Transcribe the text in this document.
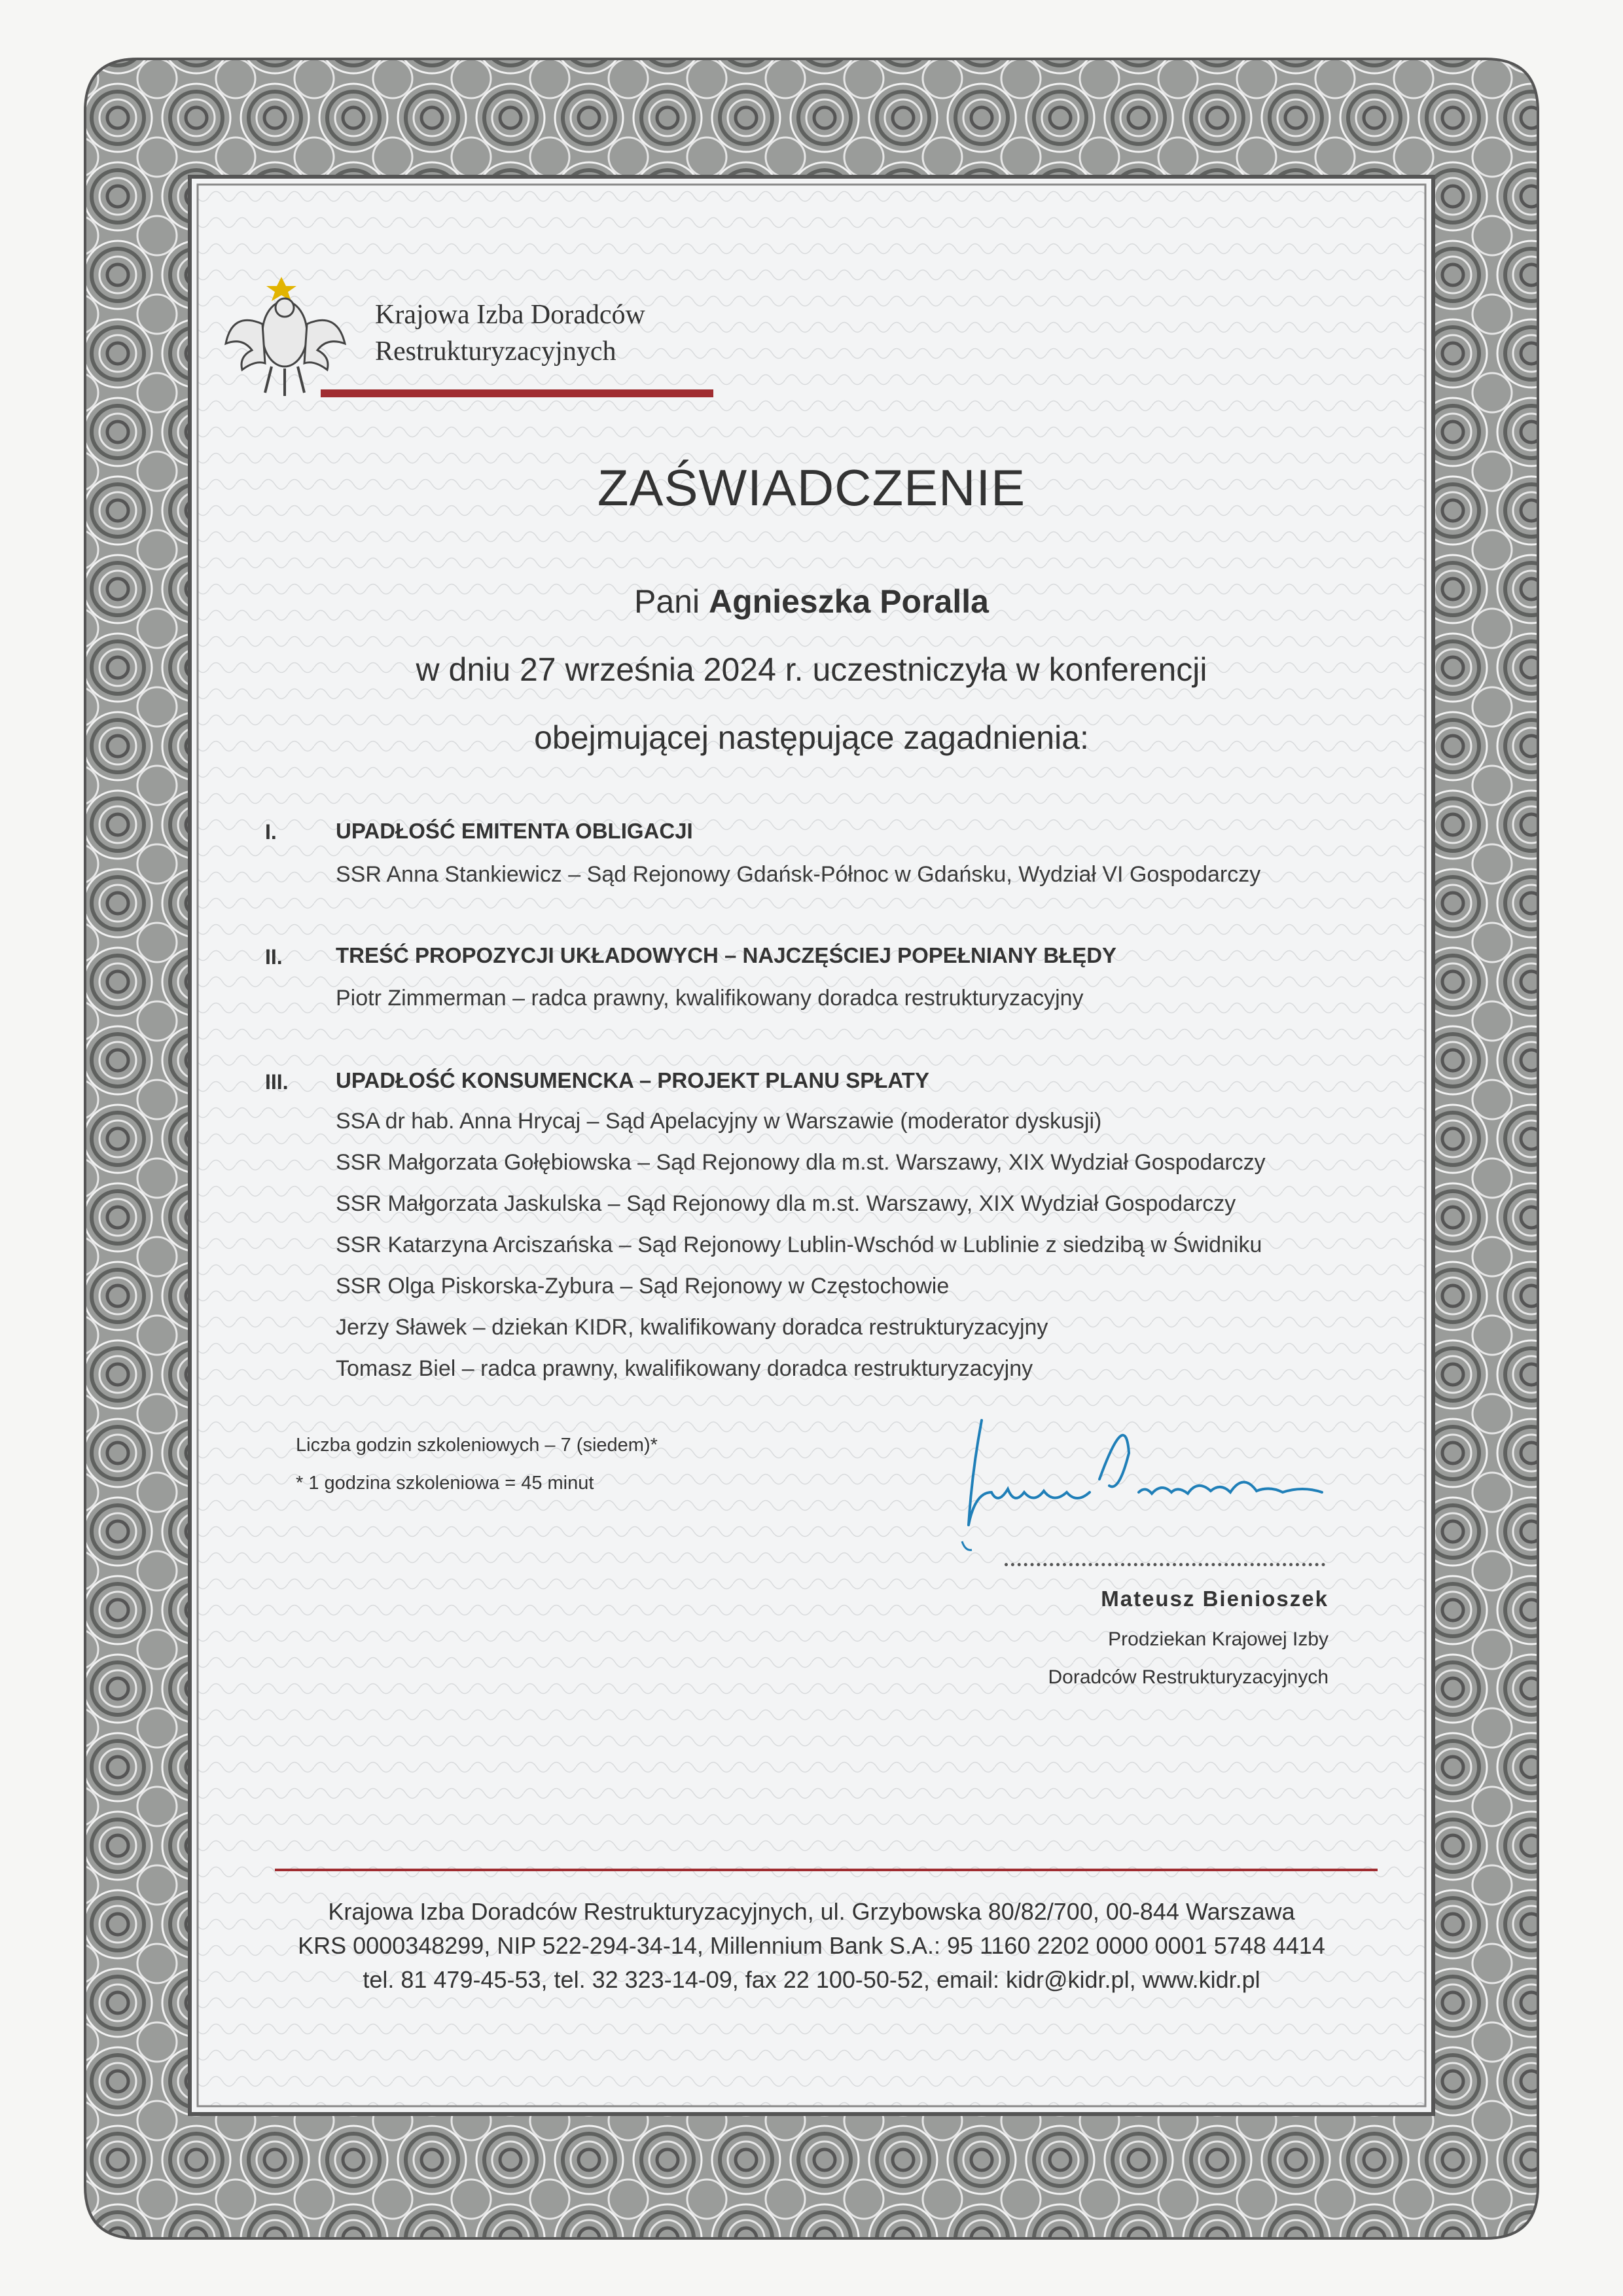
Krajowa Izba Doradców
Restrukturyzacyjnych
ZAŚWIADCZENIE
Pani Agnieszka Poralla
w dniu 27 września 2024 r. uczestniczyła w konferencji
obejmującej następujące zagadnienia:
I.	UPADŁOŚĆ EMITENTA OBLIGACJI
SSR Anna Stankiewicz – Sąd Rejonowy Gdańsk-Północ w Gdańsku, Wydział VI Gospodarczy
II. TREŚĆ PROPOZYCJI UKŁADOWYCH – NAJCZĘŚCIEJ POPEŁNIANY BŁĘDY
Piotr Zimmerman – radca prawny, kwalifikowany doradca restrukturyzacyjny
III. UPADŁOŚĆ KONSUMENCKA – PROJEKT PLANU SPŁATY
SSA dr hab. Anna Hrycaj – Sąd Apelacyjny w Warszawie (moderator dyskusji)
SSR Małgorzata Gołębiowska – Sąd Rejonowy dla m.st. Warszawy, XIX Wydział Gospodarczy
SSR Małgorzata Jaskulska – Sąd Rejonowy dla m.st. Warszawy, XIX Wydział Gospodarczy
SSR Katarzyna Arciszańska – Sąd Rejonowy Lublin-Wschód w Lublinie z siedzibą w Świdniku
SSR Olga Piskorska-Zybura – Sąd Rejonowy w Częstochowie
Jerzy Sławek – dziekan KIDR, kwalifikowany doradca restrukturyzacyjny
Tomasz Biel – radca prawny, kwalifikowany doradca restrukturyzacyjny
Liczba godzin szkoleniowych – 7 (siedem)*
* 1 godzina szkoleniowa = 45 minut
Mateusz Bienioszek
Prodziekan Krajowej Izby
Doradców Restrukturyzacyjnych
Krajowa Izba Doradców Restrukturyzacyjnych, ul. Grzybowska 80/82/700, 00-844 Warszawa
KRS 0000348299, NIP 522-294-34-14, Millennium Bank S.A.: 95 1160 2202 0000 0001 5748 4414
tel. 81 479-45-53, tel. 32 323-14-09, fax 22 100-50-52, email: kidr@kidr.pl, www.kidr.pl
